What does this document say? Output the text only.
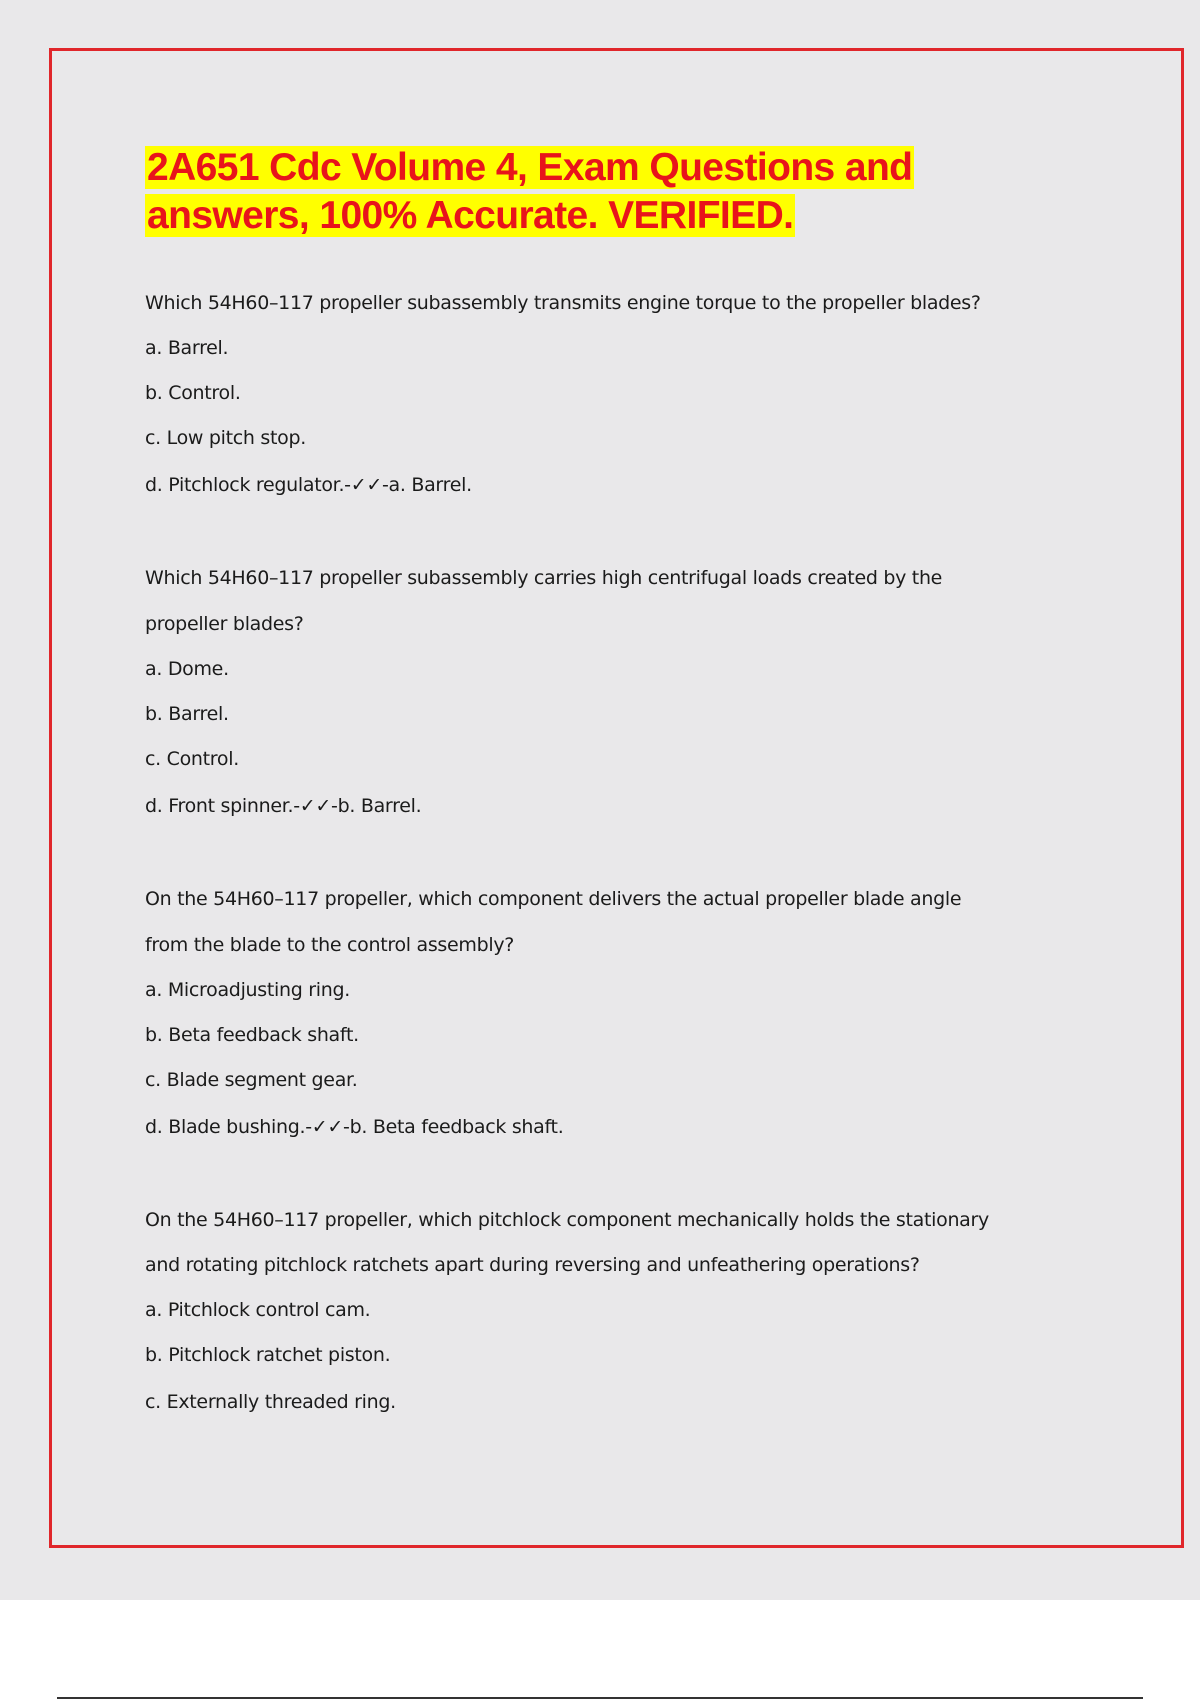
2A651 Cdc Volume 4, Exam Questions and
answers, 100% Accurate. VERIFIED.
Which 54H60–117 propeller subassembly transmits engine torque to the propeller blades?
a. Barrel.
b. Control.
c. Low pitch stop.
d. Pitchlock regulator.-✓✓-a. Barrel.
Which 54H60–117 propeller subassembly carries high centrifugal loads created by the
propeller blades?
a. Dome.
b. Barrel.
c. Control.
d. Front spinner.-✓✓-b. Barrel.
On the 54H60–117 propeller, which component delivers the actual propeller blade angle
from the blade to the control assembly?
a. Microadjusting ring.
b. Beta feedback shaft.
c. Blade segment gear.
d. Blade bushing.-✓✓-b. Beta feedback shaft.
On the 54H60–117 propeller, which pitchlock component mechanically holds the stationary
and rotating pitchlock ratchets apart during reversing and unfeathering operations?
a. Pitchlock control cam.
b. Pitchlock ratchet piston.
c. Externally threaded ring.
